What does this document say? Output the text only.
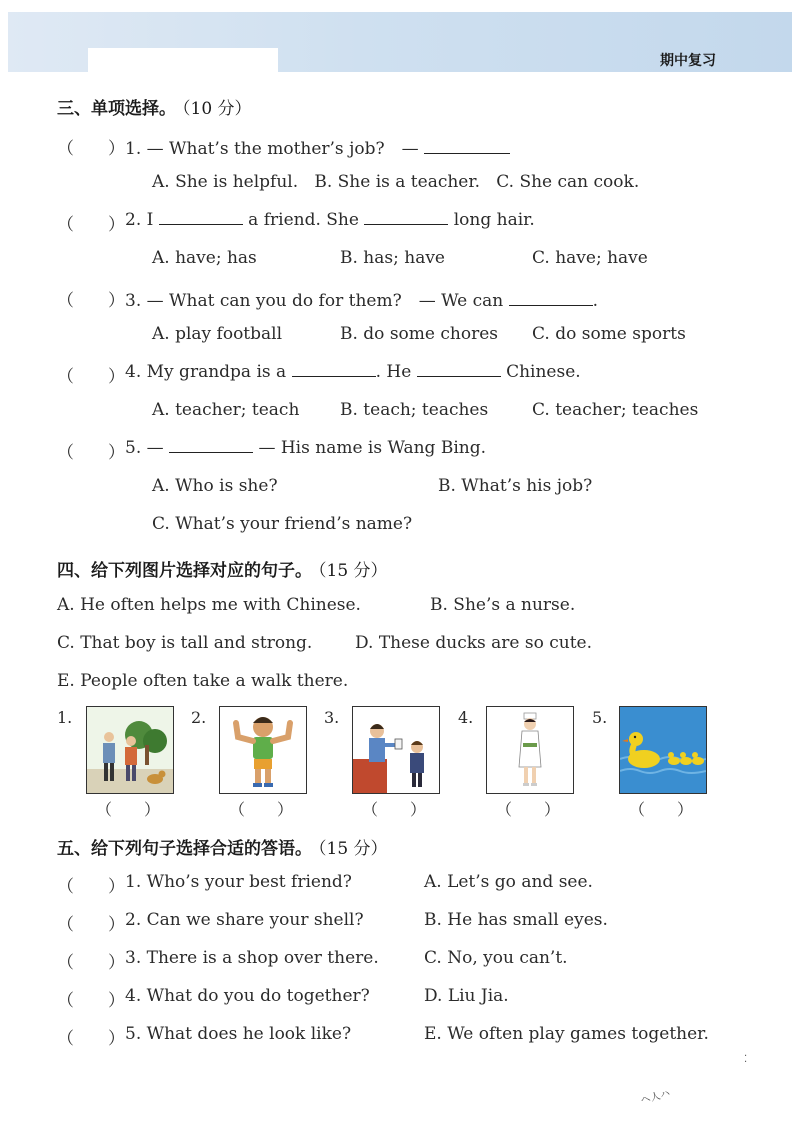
期中复习
三、单项选择。 （10 分）
（　　） 1. — What’s the mother’s job?　—
A. She is helpful. B. She is a teacher. C. She can cook.
（　　） 2. I	a friend. She	long hair.
A. have; has	B. has; have	C. have; have
（　　） 3. — What can you do for them?　— We can	.
A. play football	B. do some chores C. do some sports
（　　） 4. My grandpa is a	. He	Chinese.
A. teacher; teach B. teach; teaches	C. teacher; teaches
（　　） 5. —	— His name is Wang Bing.
A. Who is she?	B. What’s his job?
C. What’s your friend’s name?
四、给下列图片选择对应的句子。 （15 分）
A. He often helps me with Chinese.	B. She’s a nurse.
C. That boy is tall and strong.	D. These ducks are so cute.
E. People often take a walk there.
1.	2.	3.	4.	5.
（　　）	（　　）	（　　）	（　　）	（　　）
五、给下列句子选择合适的答语。 （15 分）
（　　） 1. Who’s your best friend?	A. Let’s go and see.
（　　） 2. Can we share your shell?	B. He has small eyes.
（　　） 3. There is a shop over there.	C. No, you can’t.
（　　） 4. What do you do together?	D. Liu Jia.
（　　） 5. What does he look like?	E. We often play games together.
ヘ人ハ
⁚
